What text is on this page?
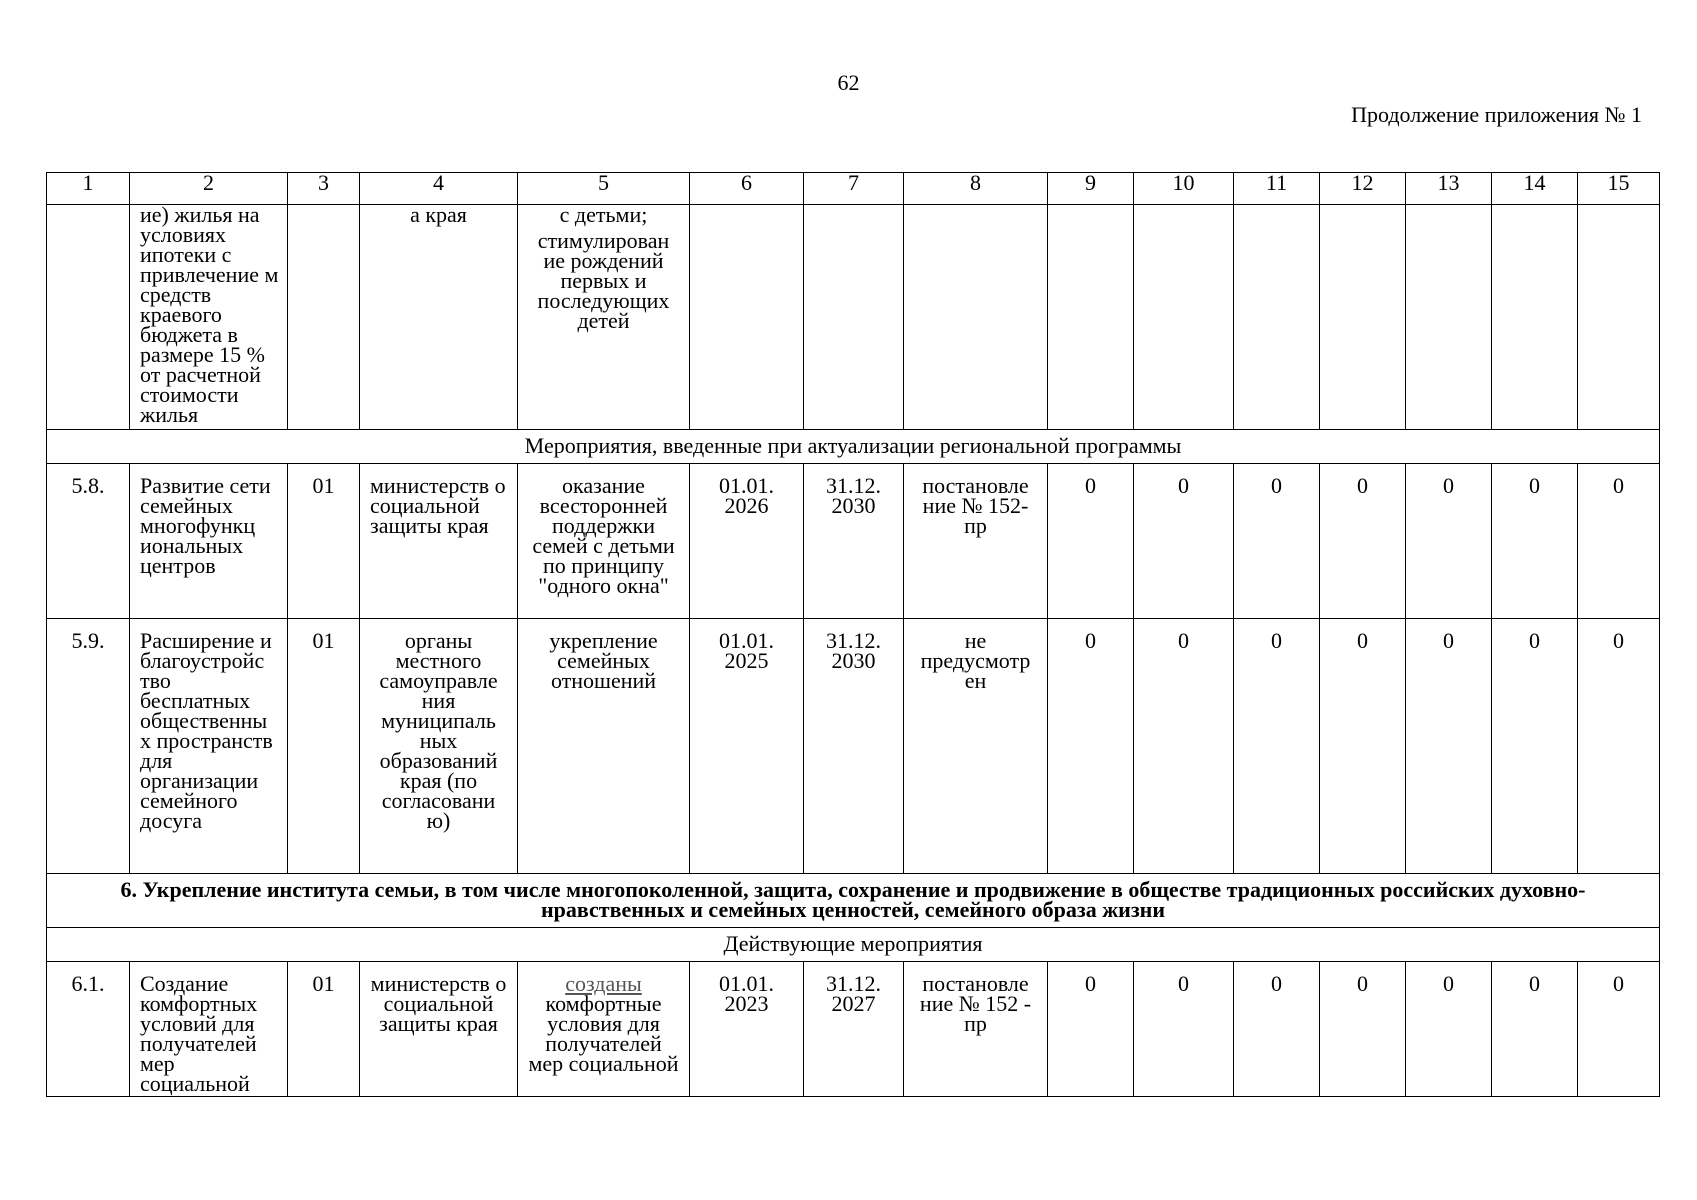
62
Продолжение приложения № 1
1	2	3	4	5	6	7	8	9	10	11	12	13	14	15
	ие) жилья на условиях ипотеки с привлечение м средств краевого бюджета в размере 15 % от расчетной стоимости жилья		а края	с детьми;
стимулирован ие рождений первых и последующих детей										

Мероприятия, введенные при актуализации региональной программы														
5.8.	Развитие сети семейных многофункц иональных центров	01	министерств о социальной защиты края	оказание всесторонней поддержки семей с детьми по принципу "одного окна"	01.01. 2026	31.12. 2030	постановле ние № 152- пр	0	0	0	0	0	0	0
5.9.	Расширение и благоустройс тво бесплатных общественны х пространств для организации семейного досуга	01	органы местного самоуправле ния муниципаль ных образований края (по согласовани ю)	укрепление семейных отношений	01.01. 2025	31.12. 2030	не предусмотр ен	0	0	0	0	0	0	0
6. Укрепление института семьи, в том числе многопоколенной, защита, сохранение и продвижение в обществе традиционных российских духовно-
нравственных и семейных ценностей, семейного образа жизни														
Действующие мероприятия														
6.1.	Создание комфортных условий для получателей мер социальной	01	министерств о социальной защиты края	созданы комфортные условия для получателей мер социальной	01.01. 2023	31.12. 2027	постановле ние № 152 - пр	0	0	0	0	0	0	0
